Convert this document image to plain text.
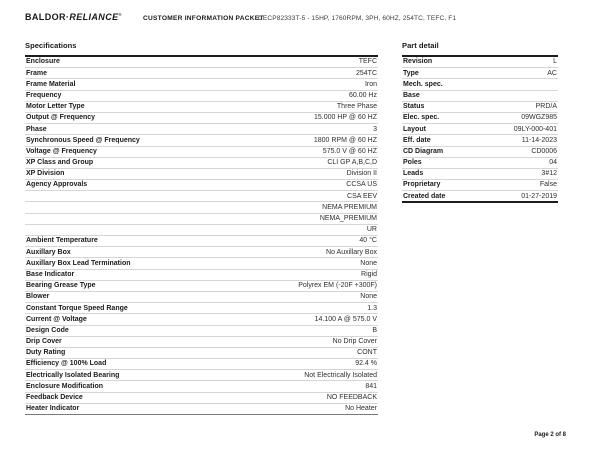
BALDOR·RELIANCE®
CUSTOMER INFORMATION PACKET
CECP82333T-5 - 15HP, 1760RPM, 3PH, 60HZ, 254TC, TEFC, F1
Specifications
Enclosure	TEFC
Frame	254TC
Frame Material	Iron
Frequency	60.00 Hz
Motor Letter Type	Three Phase
Output @ Frequency	15.000 HP @ 60 HZ
Phase	3
Synchronous Speed @ Frequency	1800 RPM @ 60 HZ
Voltage @ Frequency	575.0 V @ 60 HZ
XP Class and Group	CLI GP A,B,C,D
XP Division	Division II
Agency Approvals	CCSA US
CSA EEV
NEMA PREMIUM
NEMA_PREMIUM
UR
Ambient Temperature	40 °C
Auxillary Box	No Auxillary Box
Auxillary Box Lead Termination	None
Base Indicator	Rigid
Bearing Grease Type	Polyrex EM (-20F +300F)
Blower	None
Constant Torque Speed Range	1.3
Current @ Voltage	14.100 A @ 575.0 V
Design Code	B
Drip Cover	No Drip Cover
Duty Rating	CONT
Efficiency @ 100% Load	92.4 %
Electrically Isolated Bearing	Not Electrically Isolated
Enclosure Modification	841
Feedback Device	NO FEEDBACK
Heater Indicator	No Heater
Part detail
Revision	L
Type	AC
Mech. spec.
Base
Status	PRD/A
Elec. spec.	09WGZ985
Layout	09LY-000-401
Eff. date	11-14-2023
CD Diagram	CD0006
Poles	04
Leads	3#12
Proprietary	False
Created date	01-27-2019
Page 2 of 8
